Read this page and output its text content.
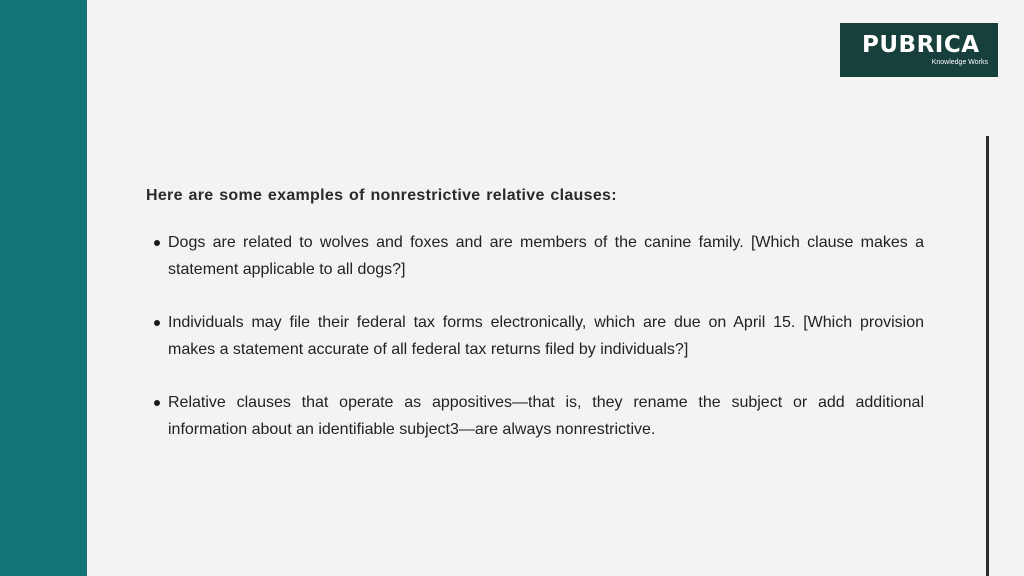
PUBRICA
Knowledge Works
Here are some examples of nonrestrictive relative clauses:
Dogs are related to wolves and foxes and are members of the canine family. [Which clause makes a statement applicable to all dogs?]
Individuals may file their federal tax forms electronically, which are due on April 15. [Which provision makes a statement accurate of all federal tax returns filed by individuals?]
Relative clauses that operate as appositives—that is, they rename the subject or add additional information about an identifiable subject3—are always nonrestrictive.
